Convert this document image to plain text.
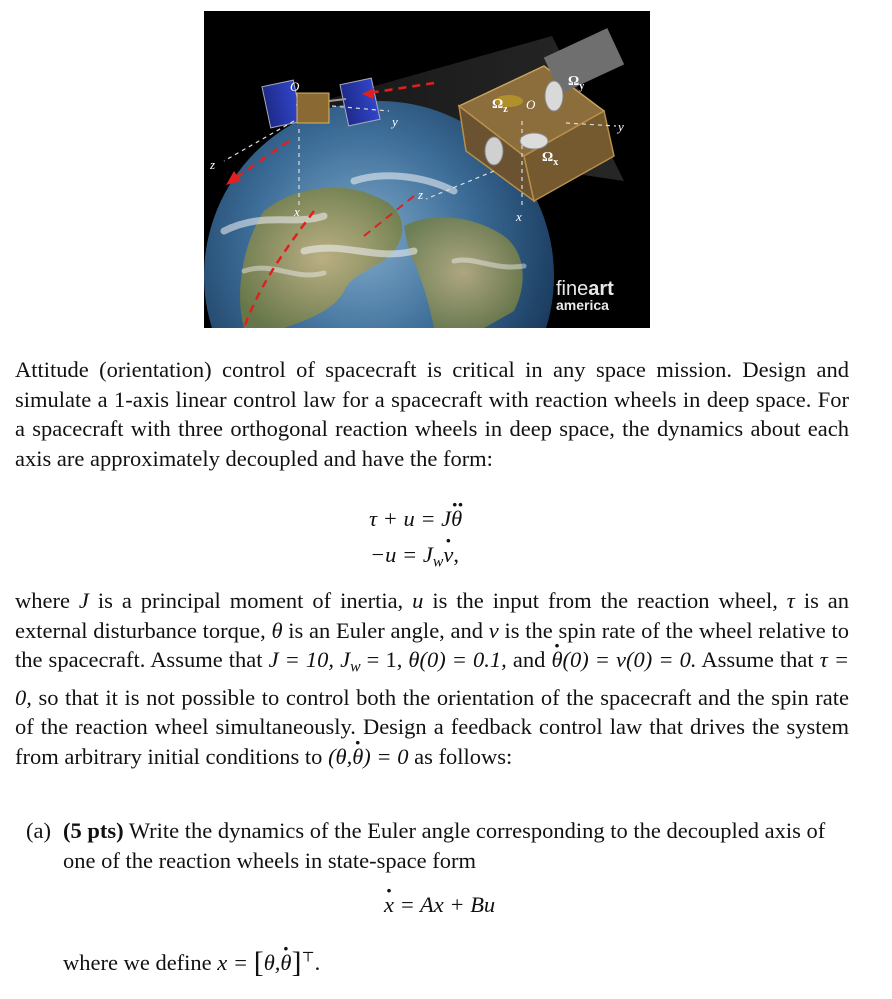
O
y
z
x
$\Omega_z$ O
$\Omega_y$
$\Omega_x$
y
z
x
fineart
america

Attitude (orientation) control of spacecraft is critical in any space mission. Design and simulate a 1-axis linear control law for a spacecraft with reaction wheels in deep space. For a spacecraft with three orthogonal reaction wheels in deep space, the dynamics about each axis are approximately decoupled and have the form:

τ + u = Jθ ··
$-u = J_wv$ ·,

where J is a principal moment of inertia, u is the input from the reaction wheel, τ is an external disturbance torque, θ is an Euler angle, and v is the spin rate of the wheel relative to the spacecraft. Assume that J = 10, $J_w = 1$, θ(0) = 0.1, and θ ·(0) = v(0) = 0. Assume that τ = 0, so that it is not possible to control both the orientation of the spacecraft and the spin rate of the reaction wheel simultaneously. Design a feedback control law that drives the system from arbitrary initial conditions to (θ,θ ·) = 0 as follows:

(a) (5 pts) Write the dynamics of the Euler angle corresponding to the decoupled axis of one of the reaction wheels in state-space form
x · = Ax + Bu
where we define x = [θ,θ ·]⊤.
